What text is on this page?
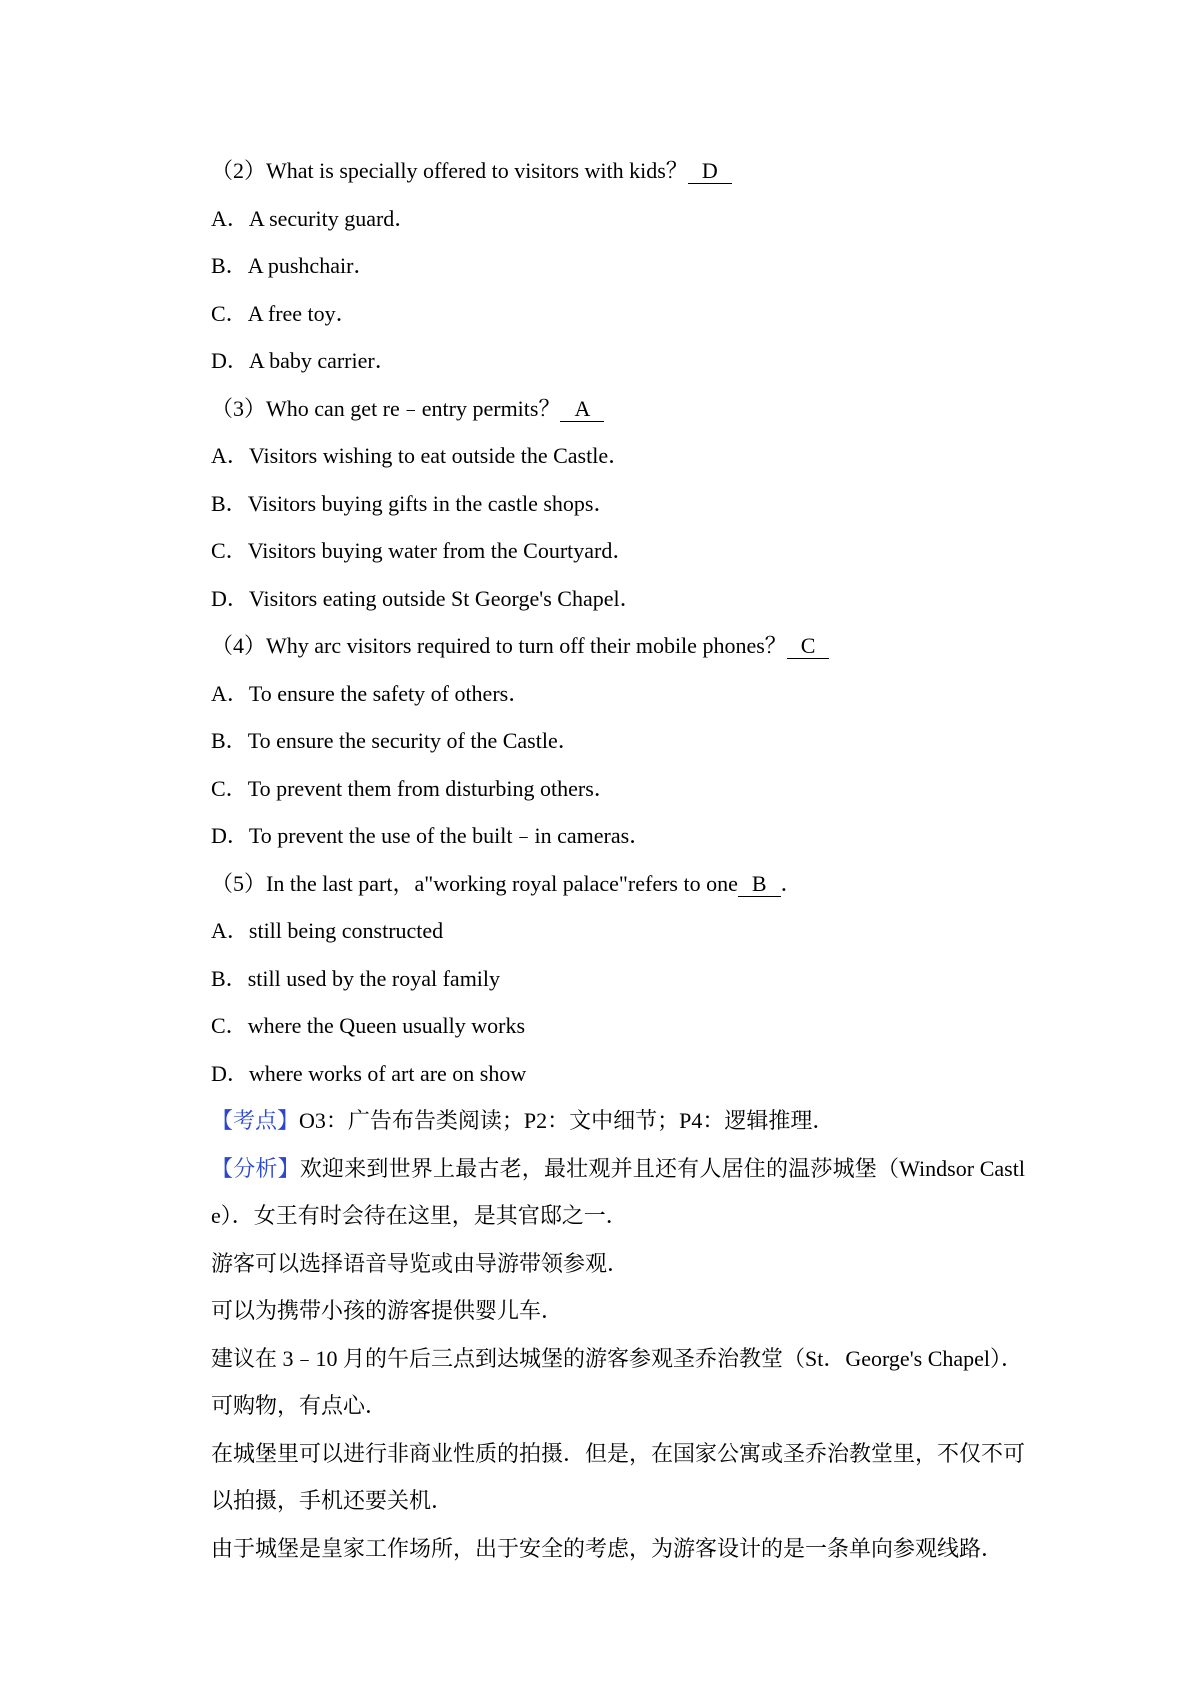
（2）What is specially offered to visitors with kids？ D
A．A security guard．
B．A pushchair．
C．A free toy．
D．A baby carrier．
（3）Who can get re﹣entry permits？ A
A．Visitors wishing to eat outside the Castle．
B．Visitors buying gifts in the castle shops．
C．Visitors buying water from the Courtyard．
D．Visitors eating outside St George's Chapel．
（4）Why arc visitors required to turn off their mobile phones？ C
A．To ensure the safety of others．
B．To ensure the security of the Castle．
C．To prevent them from disturbing others．
D．To prevent the use of the built﹣in cameras．
（5）In the last part，a"working royal palace"refers to one B ．
A．still being constructed
B．still used by the royal family
C．where the Queen usually works
D．where works of art are on show
【考点】O3：广告布告类阅读；P2：文中细节；P4：逻辑推理．
【分析】欢迎来到世界上最古老，最壮观并且还有人居住的温莎城堡（Windsor Castle）．女王有时会待在这里，是其官邸之一．
游客可以选择语音导览或由导游带领参观．
可以为携带小孩的游客提供婴儿车．
建议在 3﹣10 月的午后三点到达城堡的游客参观圣乔治教堂（St．George's Chapel）．
可购物，有点心．
在城堡里可以进行非商业性质的拍摄．但是，在国家公寓或圣乔治教堂里，不仅不可以拍摄，手机还要关机．
由于城堡是皇家工作场所，出于安全的考虑，为游客设计的是一条单向参观线路．
